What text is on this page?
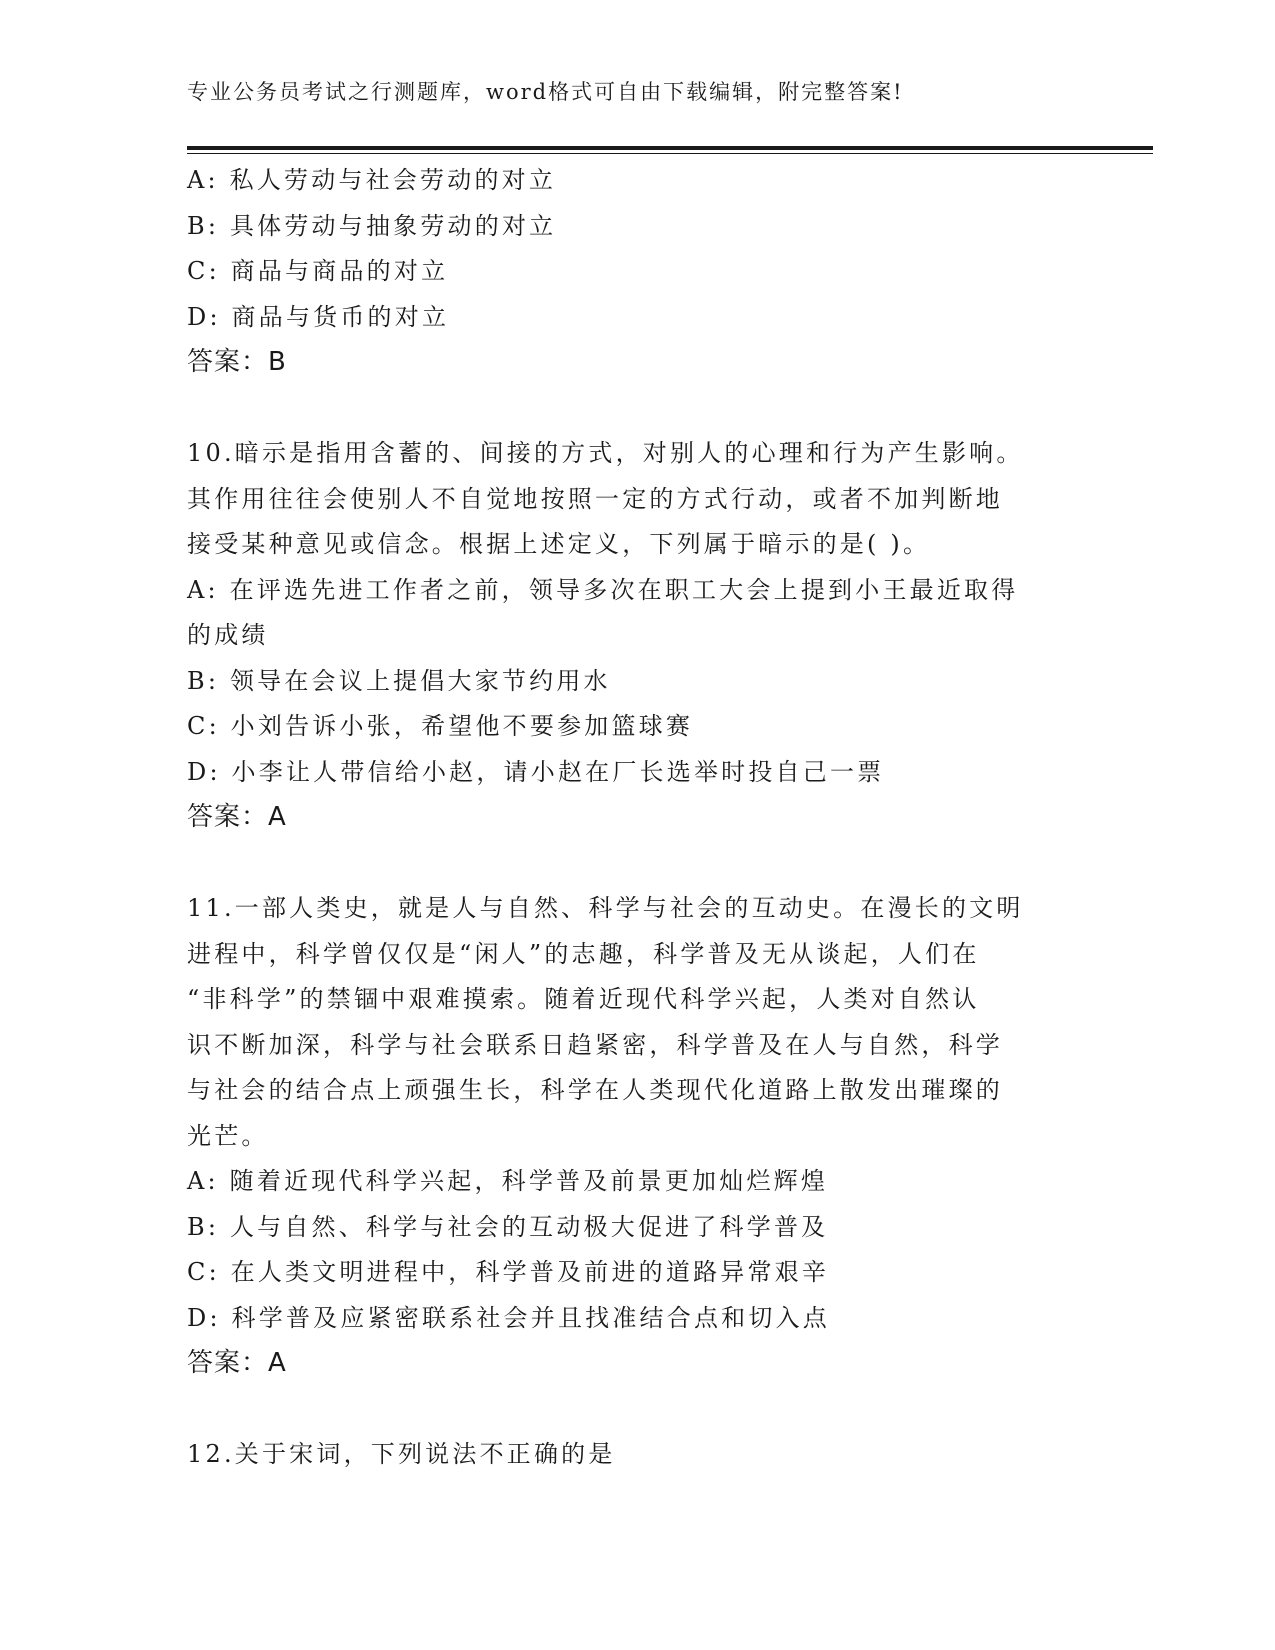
专业公务员考试之行测题库，word格式可自由下载编辑，附完整答案!
A: 私人劳动与社会劳动的对立
B: 具体劳动与抽象劳动的对立
C: 商品与商品的对立
D: 商品与货币的对立
答案：B
10.暗示是指用含蓄的、间接的方式，对别人的心理和行为产生影响。
其作用往往会使别人不自觉地按照一定的方式行动，或者不加判断地
接受某种意见或信念。根据上述定义，下列属于暗示的是( )。
A: 在评选先进工作者之前，领导多次在职工大会上提到小王最近取得
的成绩
B: 领导在会议上提倡大家节约用水
C: 小刘告诉小张，希望他不要参加篮球赛
D: 小李让人带信给小赵，请小赵在厂长选举时投自己一票
答案：A
11.一部人类史，就是人与自然、科学与社会的互动史。在漫长的文明
进程中，科学曾仅仅是“闲人”的志趣，科学普及无从谈起，人们在
“非科学”的禁锢中艰难摸索。随着近现代科学兴起，人类对自然认
识不断加深，科学与社会联系日趋紧密，科学普及在人与自然，科学
与社会的结合点上顽强生长，科学在人类现代化道路上散发出璀璨的
光芒。
A: 随着近现代科学兴起，科学普及前景更加灿烂辉煌
B: 人与自然、科学与社会的互动极大促进了科学普及
C: 在人类文明进程中，科学普及前进的道路异常艰辛
D: 科学普及应紧密联系社会并且找准结合点和切入点
答案：A
12.关于宋词，下列说法不正确的是
